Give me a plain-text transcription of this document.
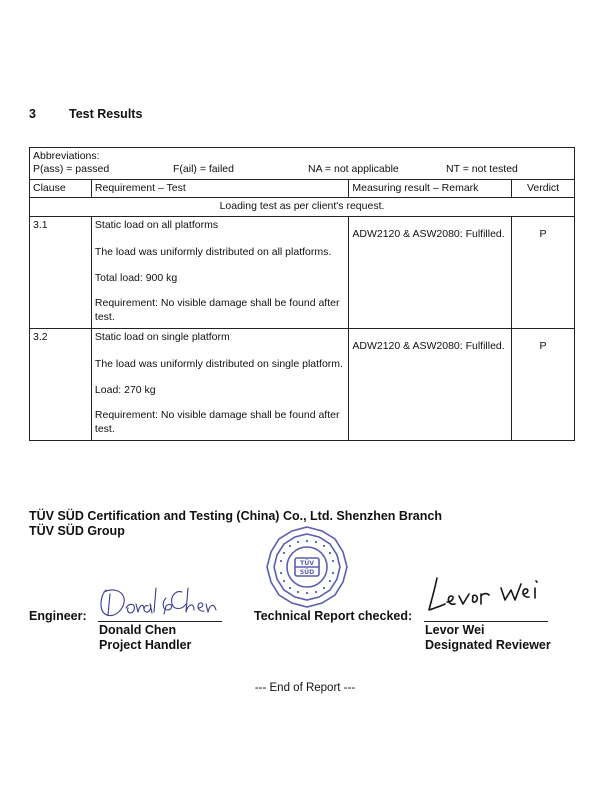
3	Test Results
Abbreviations:
P(ass) = passed F(ail) = failed NA = not applicable NT = not tested			

Clause	Requirement – Test	Measuring result – Remark	Verdict
Loading test as per client's request.			
3.1	Static load on all platforms
The load was uniformly distributed on all platforms.
Total load: 900 kg
Requirement: No visible damage shall be found after test.	ADW2120 & ASW2080: Fulfilled.	P

3.2	Static load on single platform
The load was uniformly distributed on single platform.
Load: 270 kg
Requirement: No visible damage shall be found after test.	ADW2120 & ASW2080: Fulfilled.	P
TÜV SÜD Certification and Testing (China) Co., Ltd. Shenzhen Branch
TÜV SÜD Group
TÜV
SÜD
Engineer:
Donald Chen
Project Handler
Technical Report checked:
Levor Wei
Designated Reviewer
--- End of Report ---
